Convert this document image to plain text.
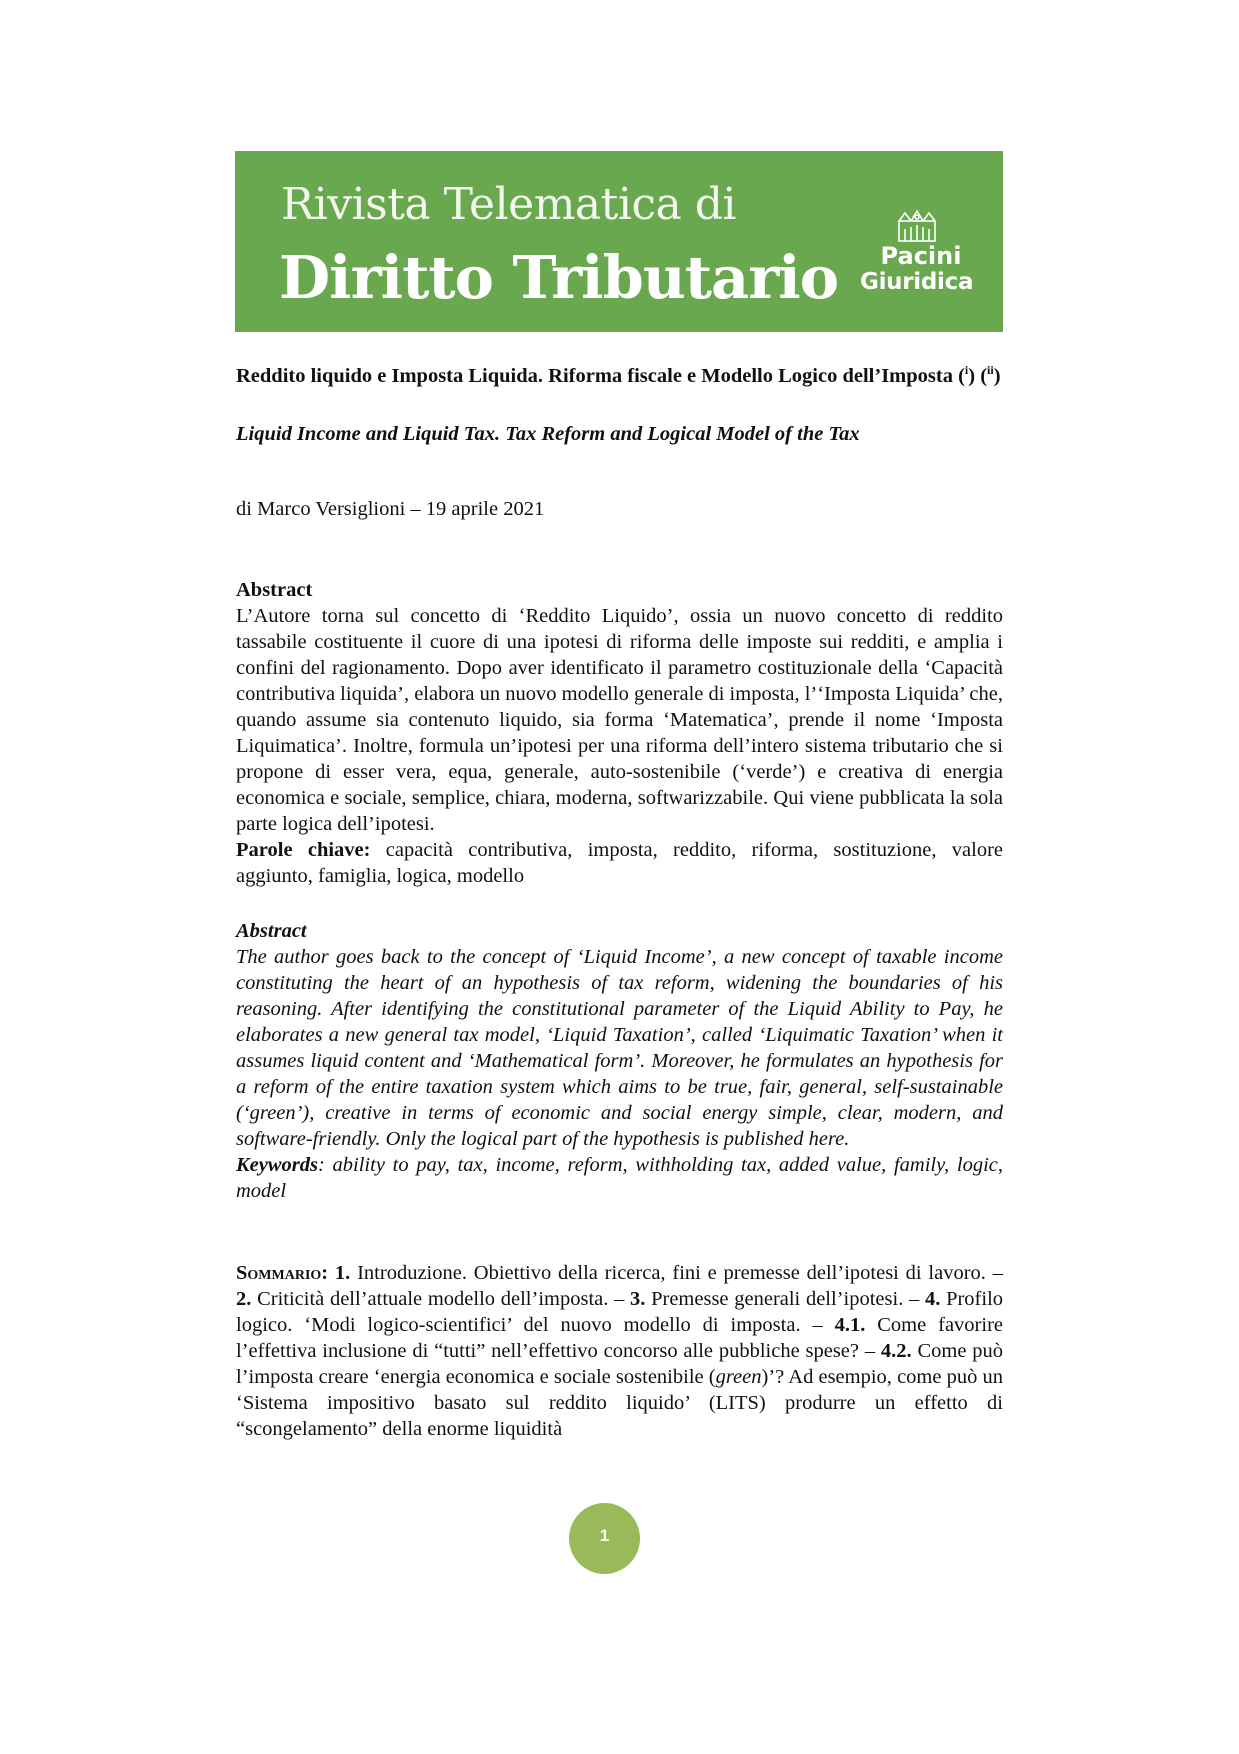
Rivista Telematica di
Diritto Tributario	Pacini
Giuridica

Reddito liquido e Imposta Liquida. Riforma fiscale e Modello Logico dell’Imposta ($^i$) ($^{ii}$)

Liquid Income and Liquid Tax. Tax Reform and Logical Model of the Tax

di Marco Versiglioni – 19 aprile 2021

Abstract

L’Autore torna sul concetto di ‘Reddito Liquido’, ossia un nuovo concetto di reddito tassabile costituente il cuore di una ipotesi di riforma delle imposte sui redditi, e amplia i confini del ragionamento. Dopo aver identificato il parametro costituzionale della ‘Capacità contributiva liquida’, elabora un nuovo modello generale di imposta, l’‘Imposta Liquida’ che, quando assume sia contenuto liquido, sia forma ‘Matematica’, prende il nome ‘Imposta Liquimatica’. Inoltre, formula un’ipotesi per una riforma dell’intero sistema tributario che si propone di esser vera, equa, generale, auto-sostenibile (‘verde’) e creativa di energia economica e sociale, semplice, chiara, moderna, softwarizzabile. Qui viene pubblicata la sola parte logica dell’ipotesi.

Parole chiave: capacità contributiva, imposta, reddito, riforma, sostituzione, valore aggiunto, famiglia, logica, modello

Abstract

The author goes back to the concept of ‘Liquid Income’, a new concept of taxable income constituting the heart of an hypothesis of tax reform, widening the boundaries of his reasoning. After identifying the constitutional parameter of the Liquid Ability to Pay, he elaborates a new general tax model, ‘Liquid Taxation’, called ‘Liquimatic Taxation’ when it assumes liquid content and ‘Mathematical form’. Moreover, he formulates an hypothesis for a reform of the entire taxation system which aims to be true, fair, general, self-sustainable (‘green’), creative in terms of economic and social energy simple, clear, modern, and software-friendly. Only the logical part of the hypothesis is published here.

Keywords: ability to pay, tax, income, reform, withholding tax, added value, family, logic, model

Sommario: 1. Introduzione. Obiettivo della ricerca, fini e premesse dell’ipotesi di lavoro. – 2. Criticità dell’attuale modello dell’imposta. – 3. Premesse generali dell’ipotesi. – 4. Profilo logico. ‘Modi logico-scientifici’ del nuovo modello di imposta. – 4.1. Come favorire l’effettiva inclusione di “tutti” nell’effettivo concorso alle pubbliche spese? – 4.2. Come può l’imposta creare ‘energia economica e sociale sostenibile (green)’? Ad esempio, come può un ‘Sistema impositivo basato sul reddito liquido’ (LITS) produrre un effetto di “scongelamento” della enorme liquidità

1
